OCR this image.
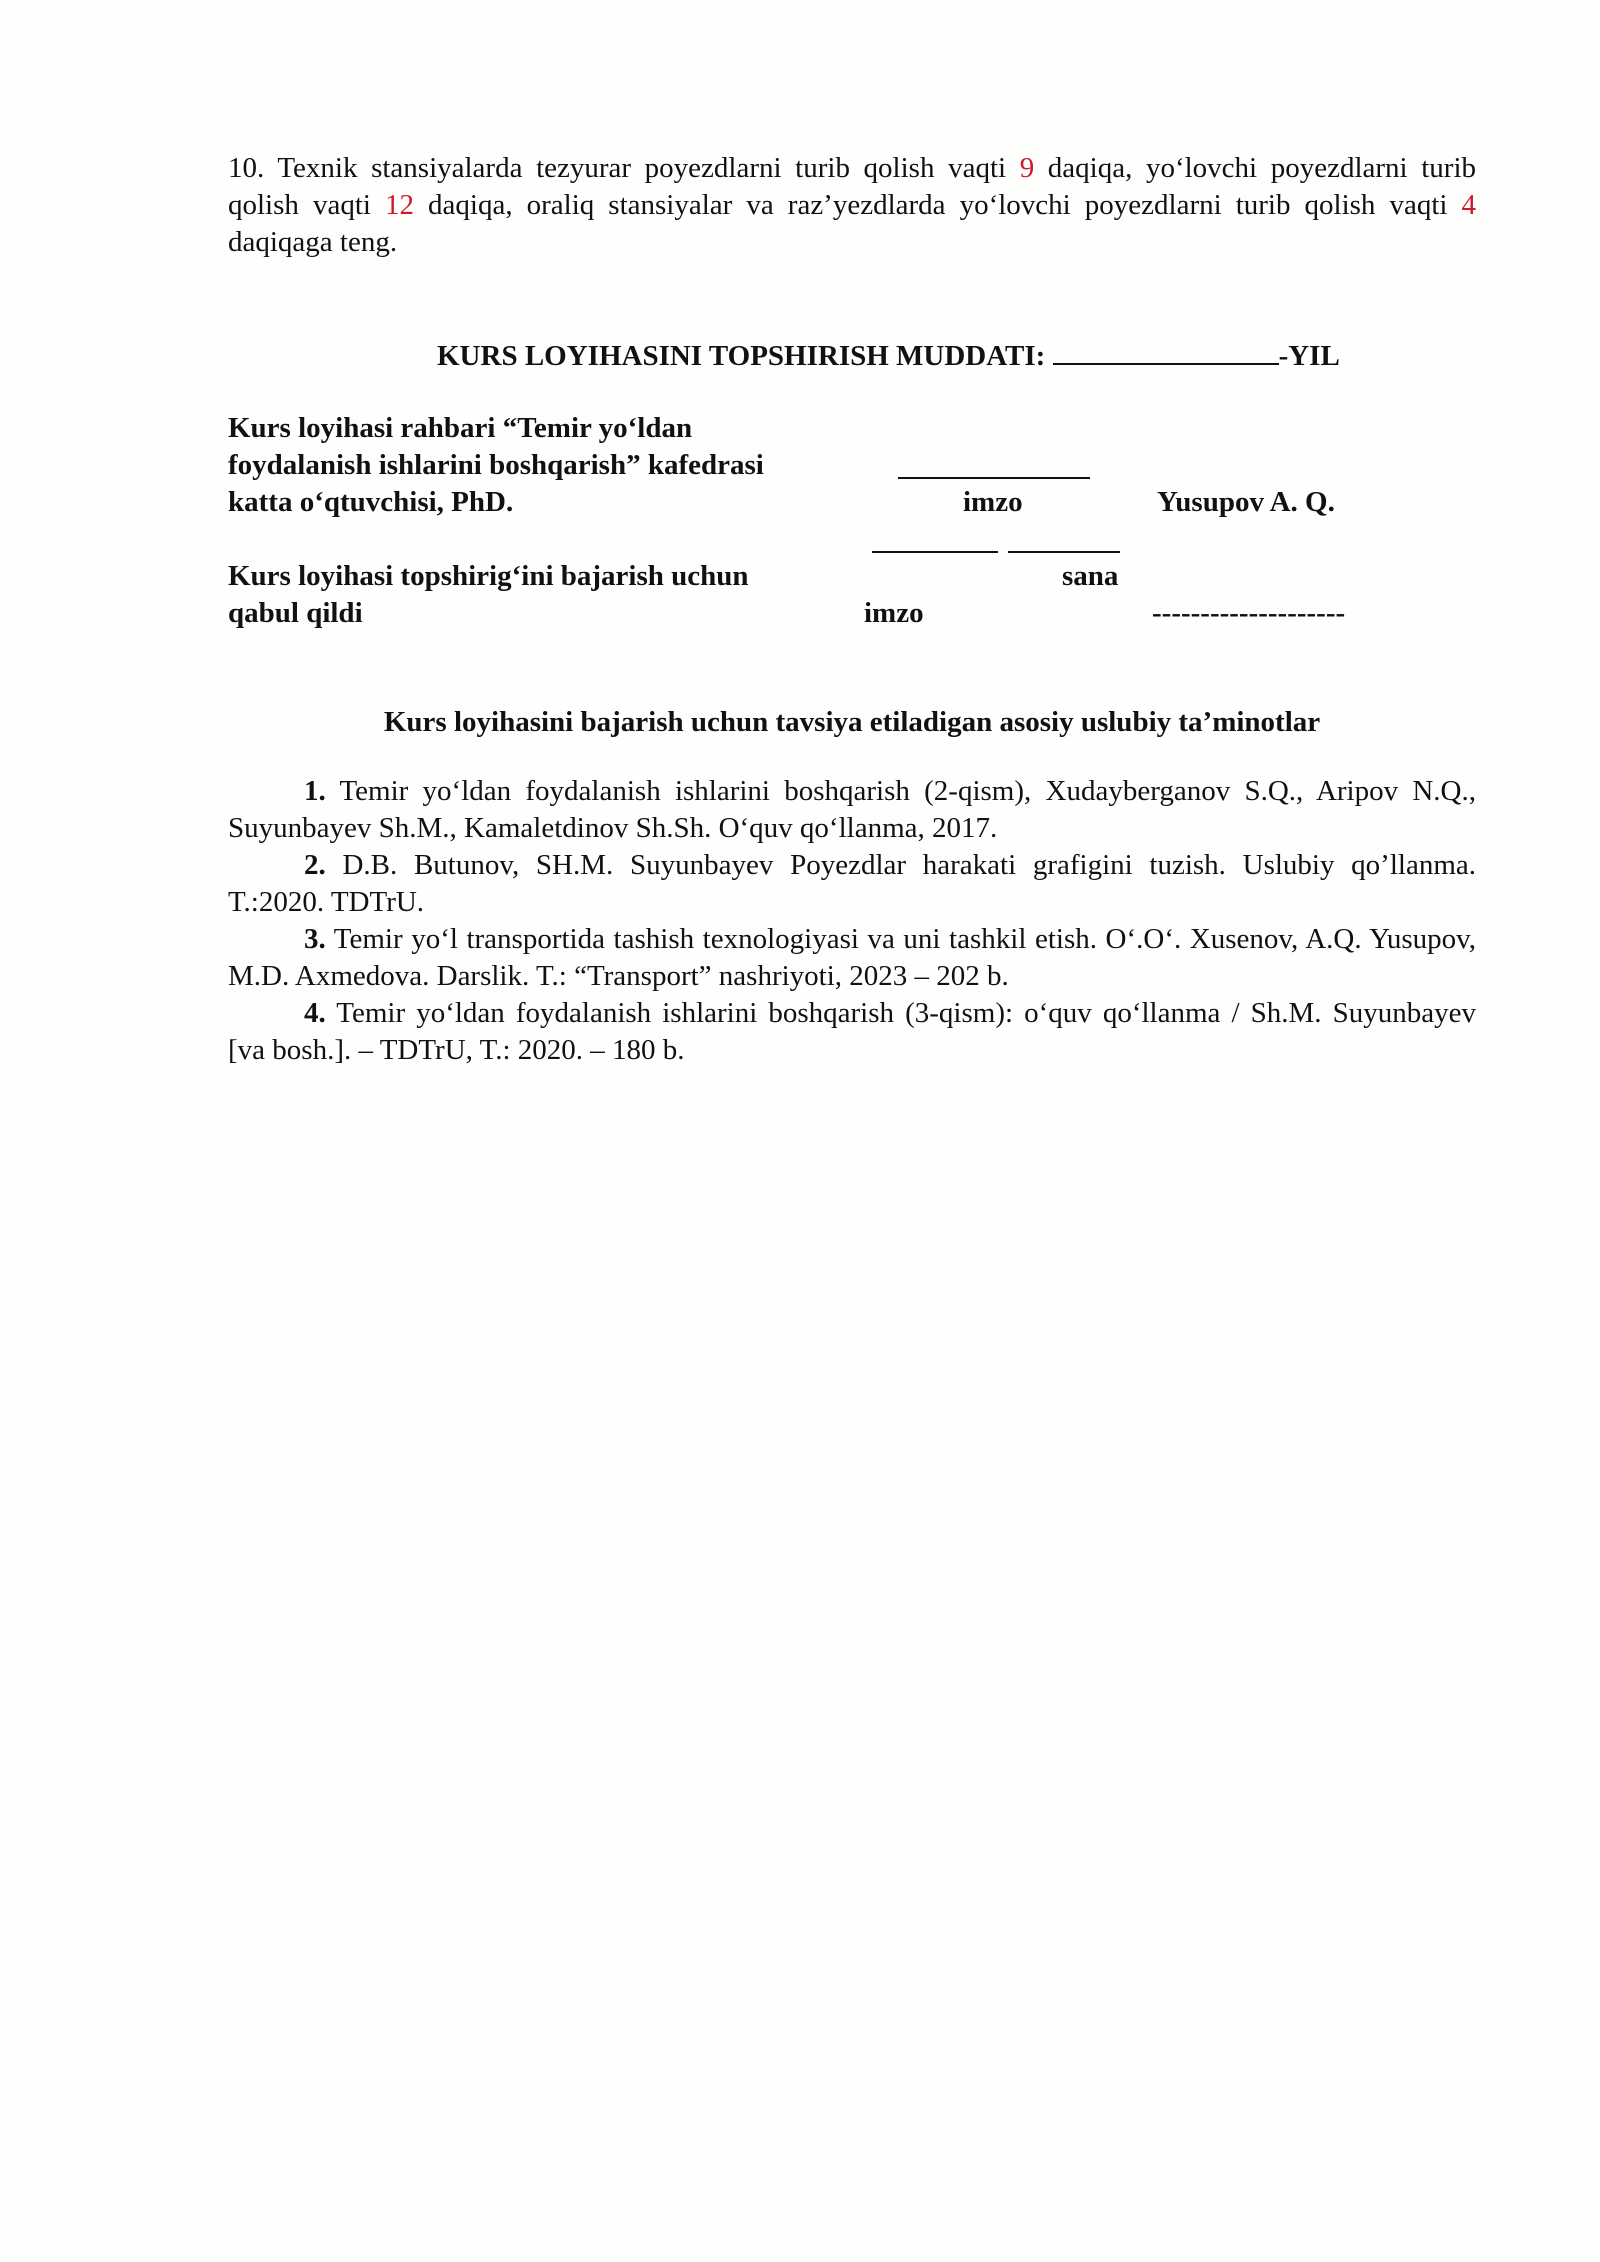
10. Texnik stansiyalarda tezyurar poyezdlarni turib qolish vaqti 9 daqiqa, yo‘lovchi poyezdlarni turib qolish vaqti 12 daqiqa, oraliq stansiyalar va raz’yezdlarda yo‘lovchi poyezdlarni turib qolish vaqti 4 daqiqaga teng.
KURS LOYIHASINI TOPSHIRISH MUDDATI:	-YIL
Kurs loyihasi rahbari “Temir yo‘ldan
foydalanish ishlarini boshqarish” kafedrasi
katta o‘qtuvchisi, PhD.	imzo	Yusupov A. Q.
Kurs loyihasi topshirig‘ini bajarish uchun	sana
qabul qildi	imzo	--------------------
Kurs loyihasini bajarish uchun tavsiya etiladigan asosiy uslubiy ta’minotlar
1. Temir yo‘ldan foydalanish ishlarini boshqarish (2-qism), Xudayberganov S.Q., Aripov N.Q., Suyunbayev Sh.M., Kamaletdinov Sh.Sh. O‘quv qo‘llanma, 2017.
2. D.B. Butunov, SH.M. Suyunbayev Poyezdlar harakati grafigini tuzish. Uslubiy qo’llanma. T.:2020. TDTrU.
3. Temir yo‘l transportida tashish texnologiyasi va uni tashkil etish. O‘.O‘. Xusenov, A.Q. Yusupov, M.D. Axmedova. Darslik. T.: “Transport” nashriyoti, 2023 – 202 b.
4. Temir yo‘ldan foydalanish ishlarini boshqarish (3-qism): o‘quv qo‘llanma / Sh.M. Suyunbayev [va bosh.]. – TDTrU, T.: 2020. – 180 b.
